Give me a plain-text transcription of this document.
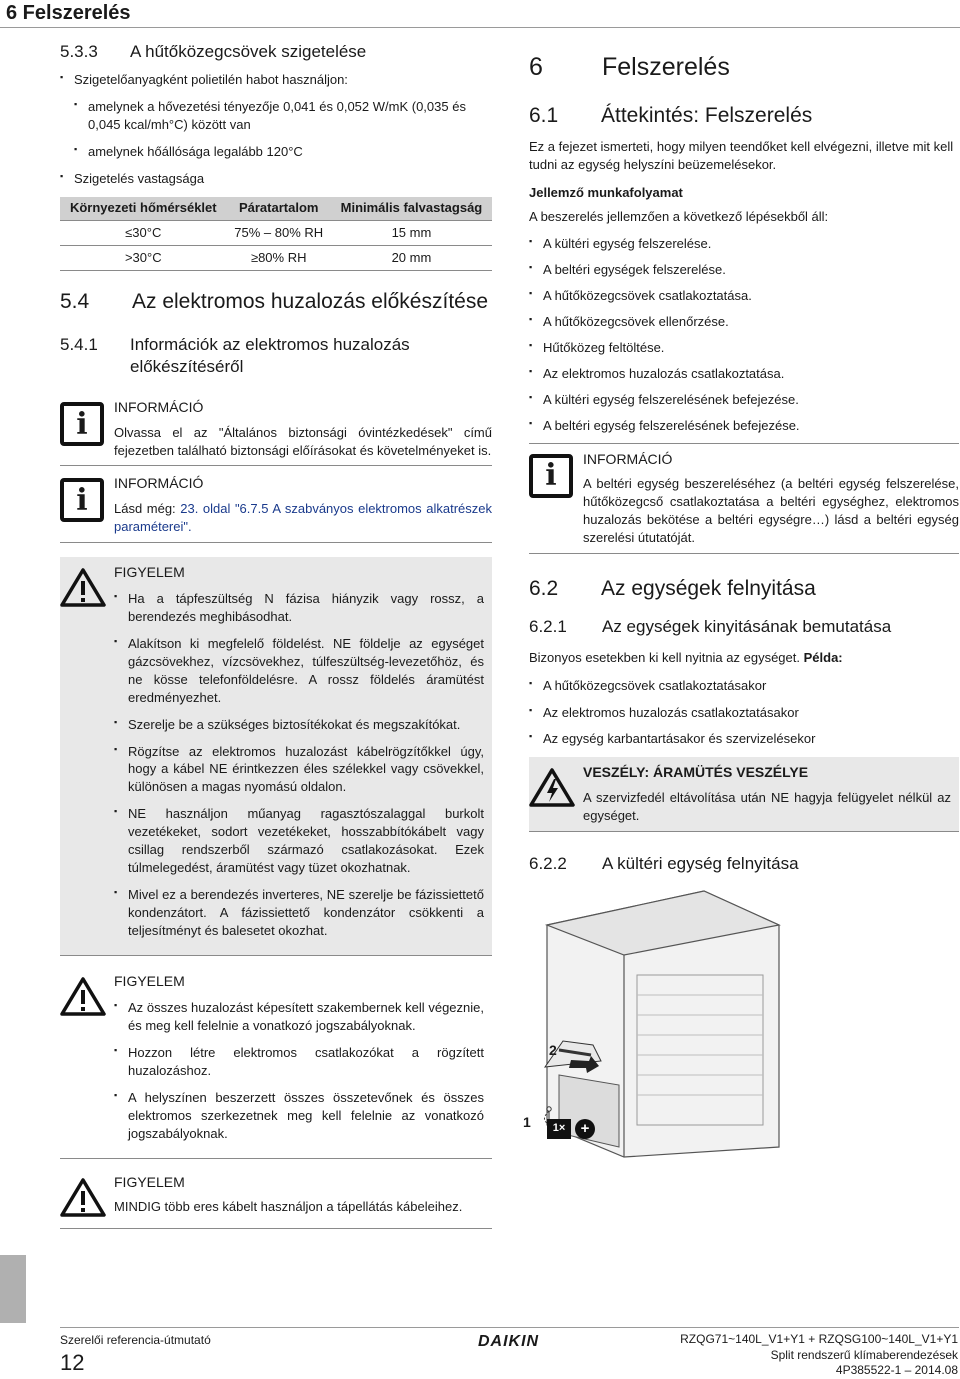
6 Felszerelés
5.3.3	A hűtőközegcsövek szigetelése
▪ Szigetelőanyagként polietilén habot használjon:
▪ amelynek a hővezetési tényezője 0,041 és 0,052 W/mK (0,035 és 0,045 kcal/mh°C) között van
▪ amelynek hőállósága legalább 120°C
▪ Szigetelés vastagsága
Környezeti hőmérséklet	Páratartalom	Minimális falvastagság
≤30°C	75% – 80% RH	15 mm
>30°C	≥80% RH	20 mm
5.4	Az elektromos huzalozás előkészítése
5.4.1	Információk az elektromos huzalozás előkészítéséről
i	INFORMÁCIÓ
Olvassa el az "Általános biztonsági óvintézkedések" című fejezetben található biztonsági előírásokat és követelményeket is.
i	INFORMÁCIÓ
Lásd még: 23. oldal "6.7.5 A szabványos elektromos alkatrészek paraméterei".
FIGYELEM
▪ Ha a tápfeszültség N fázisa hiányzik vagy rossz, a berendezés meghibásodhat.
▪ Alakítson ki megfelelő földelést. NE földelje az egységet gázcsövekhez, vízcsövekhez, túlfeszültség-levezetőhöz, és ne kösse telefonföldelésre. A rossz földelés áramütést eredményezhet.
▪ Szerelje be a szükséges biztosítékokat és megszakítókat.
▪ Rögzítse az elektromos huzalozást kábelrögzítőkkel úgy, hogy a kábel NE érintkezzen éles szélekkel vagy csövekkel, különösen a magas nyomású oldalon.
▪ NE használjon műanyag ragasztószalaggal burkolt vezetékeket, sodort vezetékeket, hosszabbítókábelt vagy csillag rendszerből származó csatlakozásokat. Ezek túlmelegedést, áramütést vagy tüzet okozhatnak.
▪ Mivel ez a berendezés inverteres, NE szerelje be fázissiettető kondenzátort. A fázissiettető kondenzátor csökkenti a teljesítményt és balesetet okozhat.
FIGYELEM
▪ Az összes huzalozást képesített szakembernek kell végeznie, és meg kell felelnie a vonatkozó jogszabályoknak.
▪ Hozzon létre elektromos csatlakozókat a rögzített huzalozáshoz.
▪ A helyszínen beszerzett összes összetevőnek és összes elektromos szerkezetnek meg kell felelnie az vonatkozó jogszabályoknak.
FIGYELEM
MINDIG több eres kábelt használjon a tápellátás kábeleihez.
6	Felszerelés
6.1	Áttekintés: Felszerelés

Ez a fejezet ismerteti, hogy milyen teendőket kell elvégezni, illetve mit kell tudni az egység helyszíni beüzemelésekor.

Jellemző munkafolyamat

A beszerelés jellemzően a következő lépésekből áll:

▪ A kültéri egység felszerelése.
▪ A beltéri egységek felszerelése.
▪ A hűtőközegcsövek csatlakoztatása.
▪ A hűtőközegcsövek ellenőrzése.
▪ Hűtőközeg feltöltése.
▪ Az elektromos huzalozás csatlakoztatása.
▪ A kültéri egység felszerelésének befejezése.
▪ A beltéri egység felszerelésének befejezése.
i	INFORMÁCIÓ
A beltéri egység beszereléséhez (a beltéri egység felszerelése, hűtőközegcső csatlakoztatása a beltéri egységhez, elektromos huzalozás bekötése a beltéri egységre…) lásd a beltéri egység szerelési útutatóját.
6.2	Az egységek felnyitása
6.2.1	Az egységek kinyitásának bemutatása

Bizonyos esetekben ki kell nyitnia az egységet. Példa:

▪ A hűtőközegcsövek csatlakoztatásakor
▪ Az elektromos huzalozás csatlakoztatásakor
▪ Az egység karbantartásakor és szervizelésekor
VESZÉLY: ÁRAMÜTÉS VESZÉLYE
A szervizfedél eltávolítása után NE hagyja felügyelet nélkül az egységet.
6.2.2	A kültéri egység felnyitása
2
1	1×	+
Szerelői referencia-útmutató
12
DAIKIN	RZQG71~140L_V1+Y1 + RZQSG100~140L_V1+Y1
Split rendszerű klímaberendezések
4P385522-1 – 2014.08
